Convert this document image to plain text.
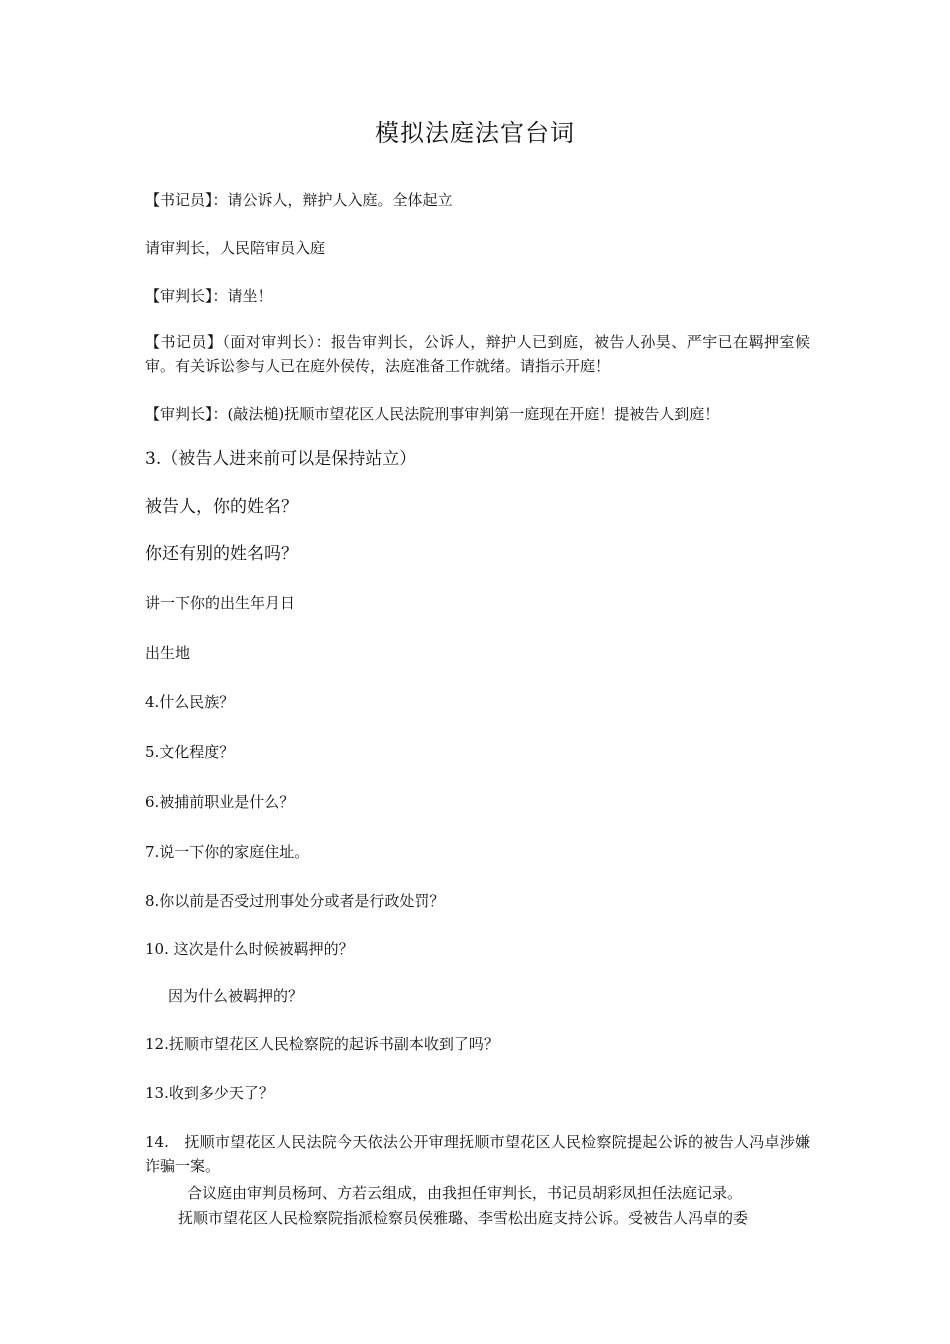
模拟法庭法官台词
【书记员】：请公诉人，辩护人入庭。全体起立
请审判长，人民陪审员入庭
【审判长】：请坐！
【书记员】（面对审判长）：报告审判长，公诉人，辩护人已到庭，被告人孙昊、严宇已在羁押室候审。有关诉讼参与人已在庭外侯传，法庭准备工作就绪。请指示开庭！
【审判长】：(敲法槌)抚顺市望花区人民法院刑事审判第一庭现在开庭！提被告人到庭！
3.（被告人进来前可以是保持站立）
被告人，你的姓名？
你还有别的姓名吗？
讲一下你的出生年月日
出生地
4.什么民族？
5.文化程度？
6.被捕前职业是什么？
7.说一下你的家庭住址。
8.你以前是否受过刑事处分或者是行政处罚？
10. 这次是什么时候被羁押的？
因为什么被羁押的？
12.抚顺市望花区人民检察院的起诉书副本收到了吗？
13.收到多少天了？
14.　抚顺市望花区人民法院今天依法公开审理抚顺市望花区人民检察院提起公诉的被告人冯卓涉嫌诈骗一案。
合议庭由审判员杨珂、方若云组成，由我担任审判长，书记员胡彩凤担任法庭记录。
抚顺市望花区人民检察院指派检察员侯雅璐、李雪松出庭支持公诉。受被告人冯卓的委
